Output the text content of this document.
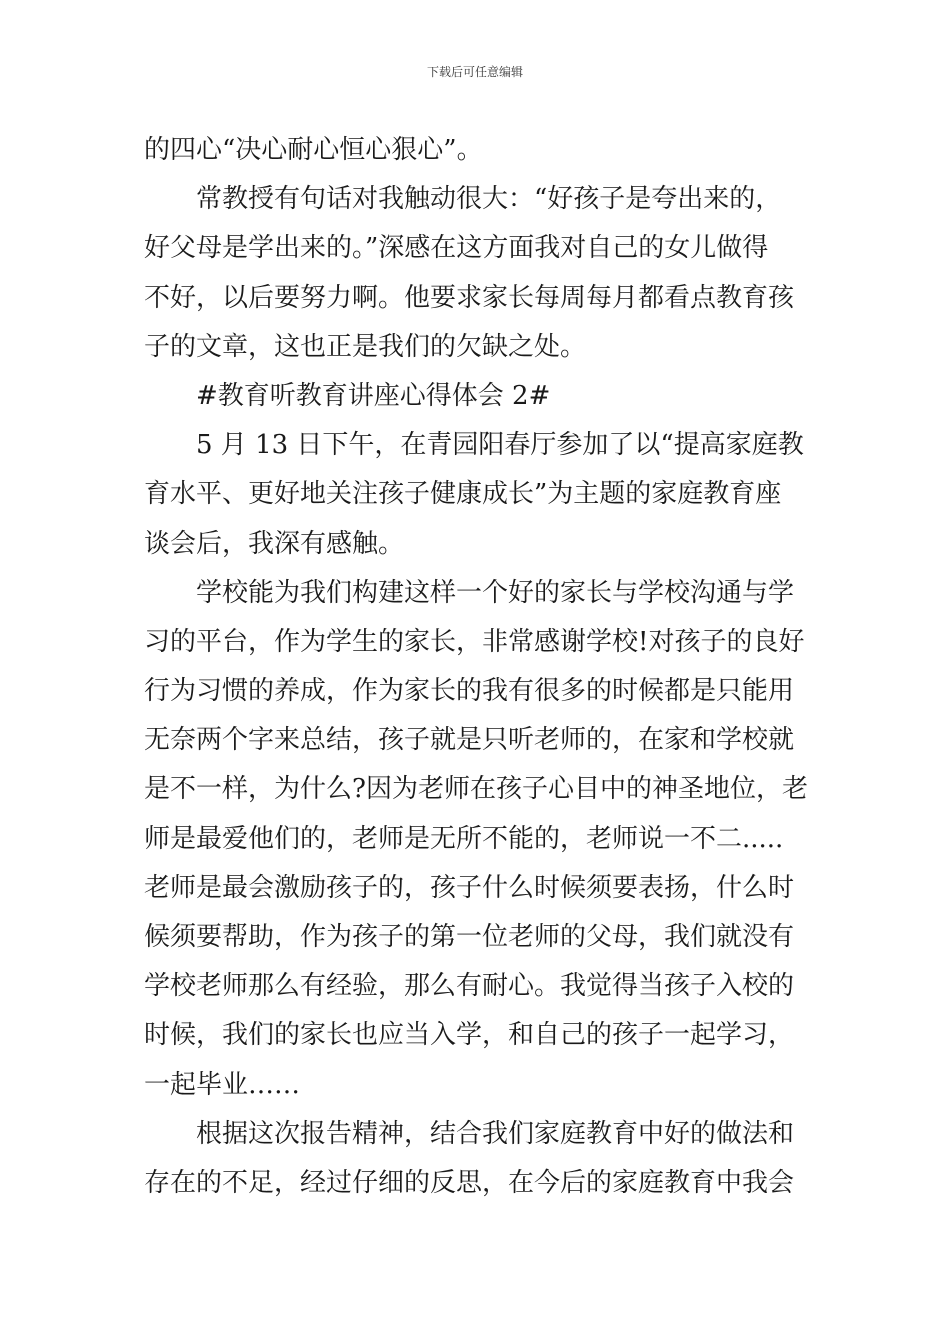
下载后可任意编辑
的四心“决心耐心恒心狠心”。
常教授有句话对我触动很大：“好孩子是夸出来的，
好父母是学出来的。”深感在这方面我对自己的女儿做得
不好，以后要努力啊。他要求家长每周每月都看点教育孩
子的文章，这也正是我们的欠缺之处。
#教育听教育讲座心得体会 2#
5 月 13 日下午，在青园阳春厅参加了以“提高家庭教
育水平、更好地关注孩子健康成长”为主题的家庭教育座
谈会后，我深有感触。
学校能为我们构建这样一个好的家长与学校沟通与学
习的平台，作为学生的家长，非常感谢学校!对孩子的良好
行为习惯的养成，作为家长的我有很多的时候都是只能用
无奈两个字来总结，孩子就是只听老师的，在家和学校就
是不一样，为什么?因为老师在孩子心目中的神圣地位，老
师是最爱他们的，老师是无所不能的，老师说一不二.....
老师是最会激励孩子的，孩子什么时候须要表扬，什么时
候须要帮助，作为孩子的第一位老师的父母，我们就没有
学校老师那么有经验，那么有耐心。我觉得当孩子入校的
时候，我们的家长也应当入学，和自己的孩子一起学习，
一起毕业……
根据这次报告精神，结合我们家庭教育中好的做法和
存在的不足，经过仔细的反思，在今后的家庭教育中我会
